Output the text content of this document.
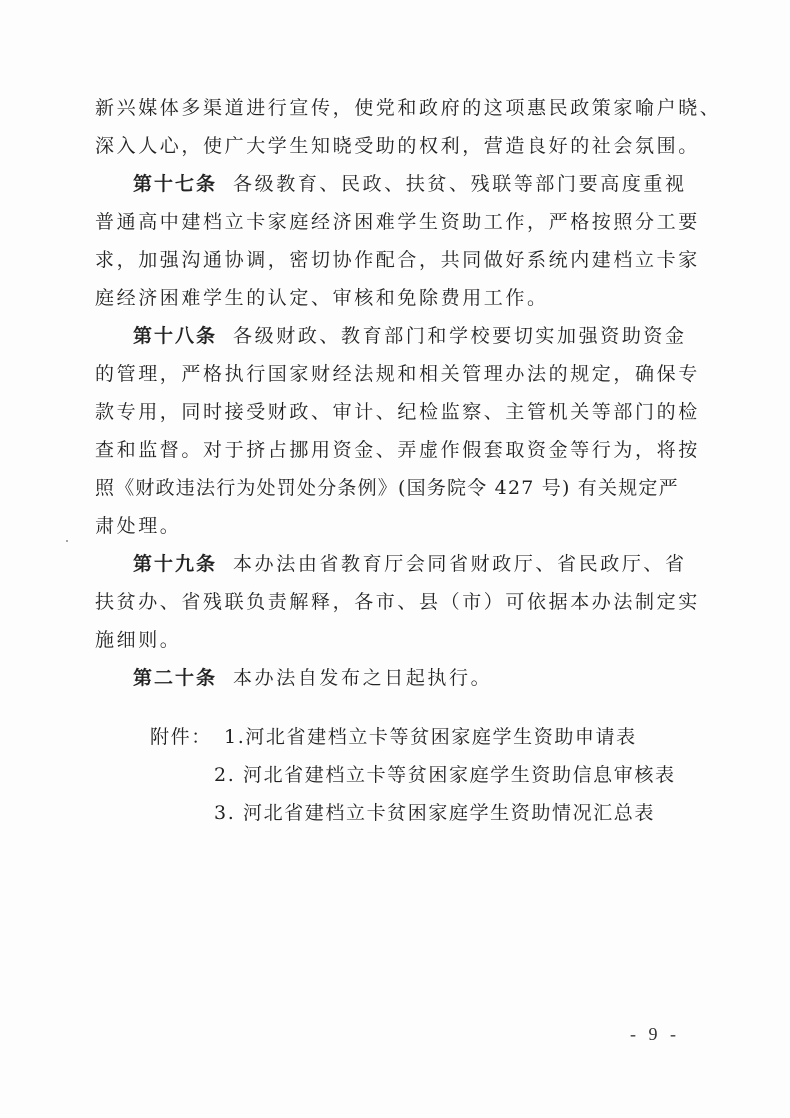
新兴媒体多渠道进行宣传，使党和政府的这项惠民政策家喻户晓、
深入人心，使广大学生知晓受助的权利，营造良好的社会氛围。
第十七条 各级教育、民政、扶贫、残联等部门要高度重视
普通高中建档立卡家庭经济困难学生资助工作，严格按照分工要
求，加强沟通协调，密切协作配合，共同做好系统内建档立卡家
庭经济困难学生的认定、审核和免除费用工作。
第十八条 各级财政、教育部门和学校要切实加强资助资金
的管理，严格执行国家财经法规和相关管理办法的规定，确保专
款专用，同时接受财政、审计、纪检监察、主管机关等部门的检
查和监督。对于挤占挪用资金、弄虚作假套取资金等行为，将按
照《财政违法行为处罚处分条例》(国务院令 427 号) 有关规定严
肃处理。
第十九条 本办法由省教育厅会同省财政厅、省民政厅、省
扶贫办、省残联负责解释，各市、县（市）可依据本办法制定实
施细则。
第二十条 本办法自发布之日起执行。
附件： 1.河北省建档立卡等贫困家庭学生资助申请表
2. 河北省建档立卡等贫困家庭学生资助信息审核表
3. 河北省建档立卡贫困家庭学生资助情况汇总表
- 9 -
